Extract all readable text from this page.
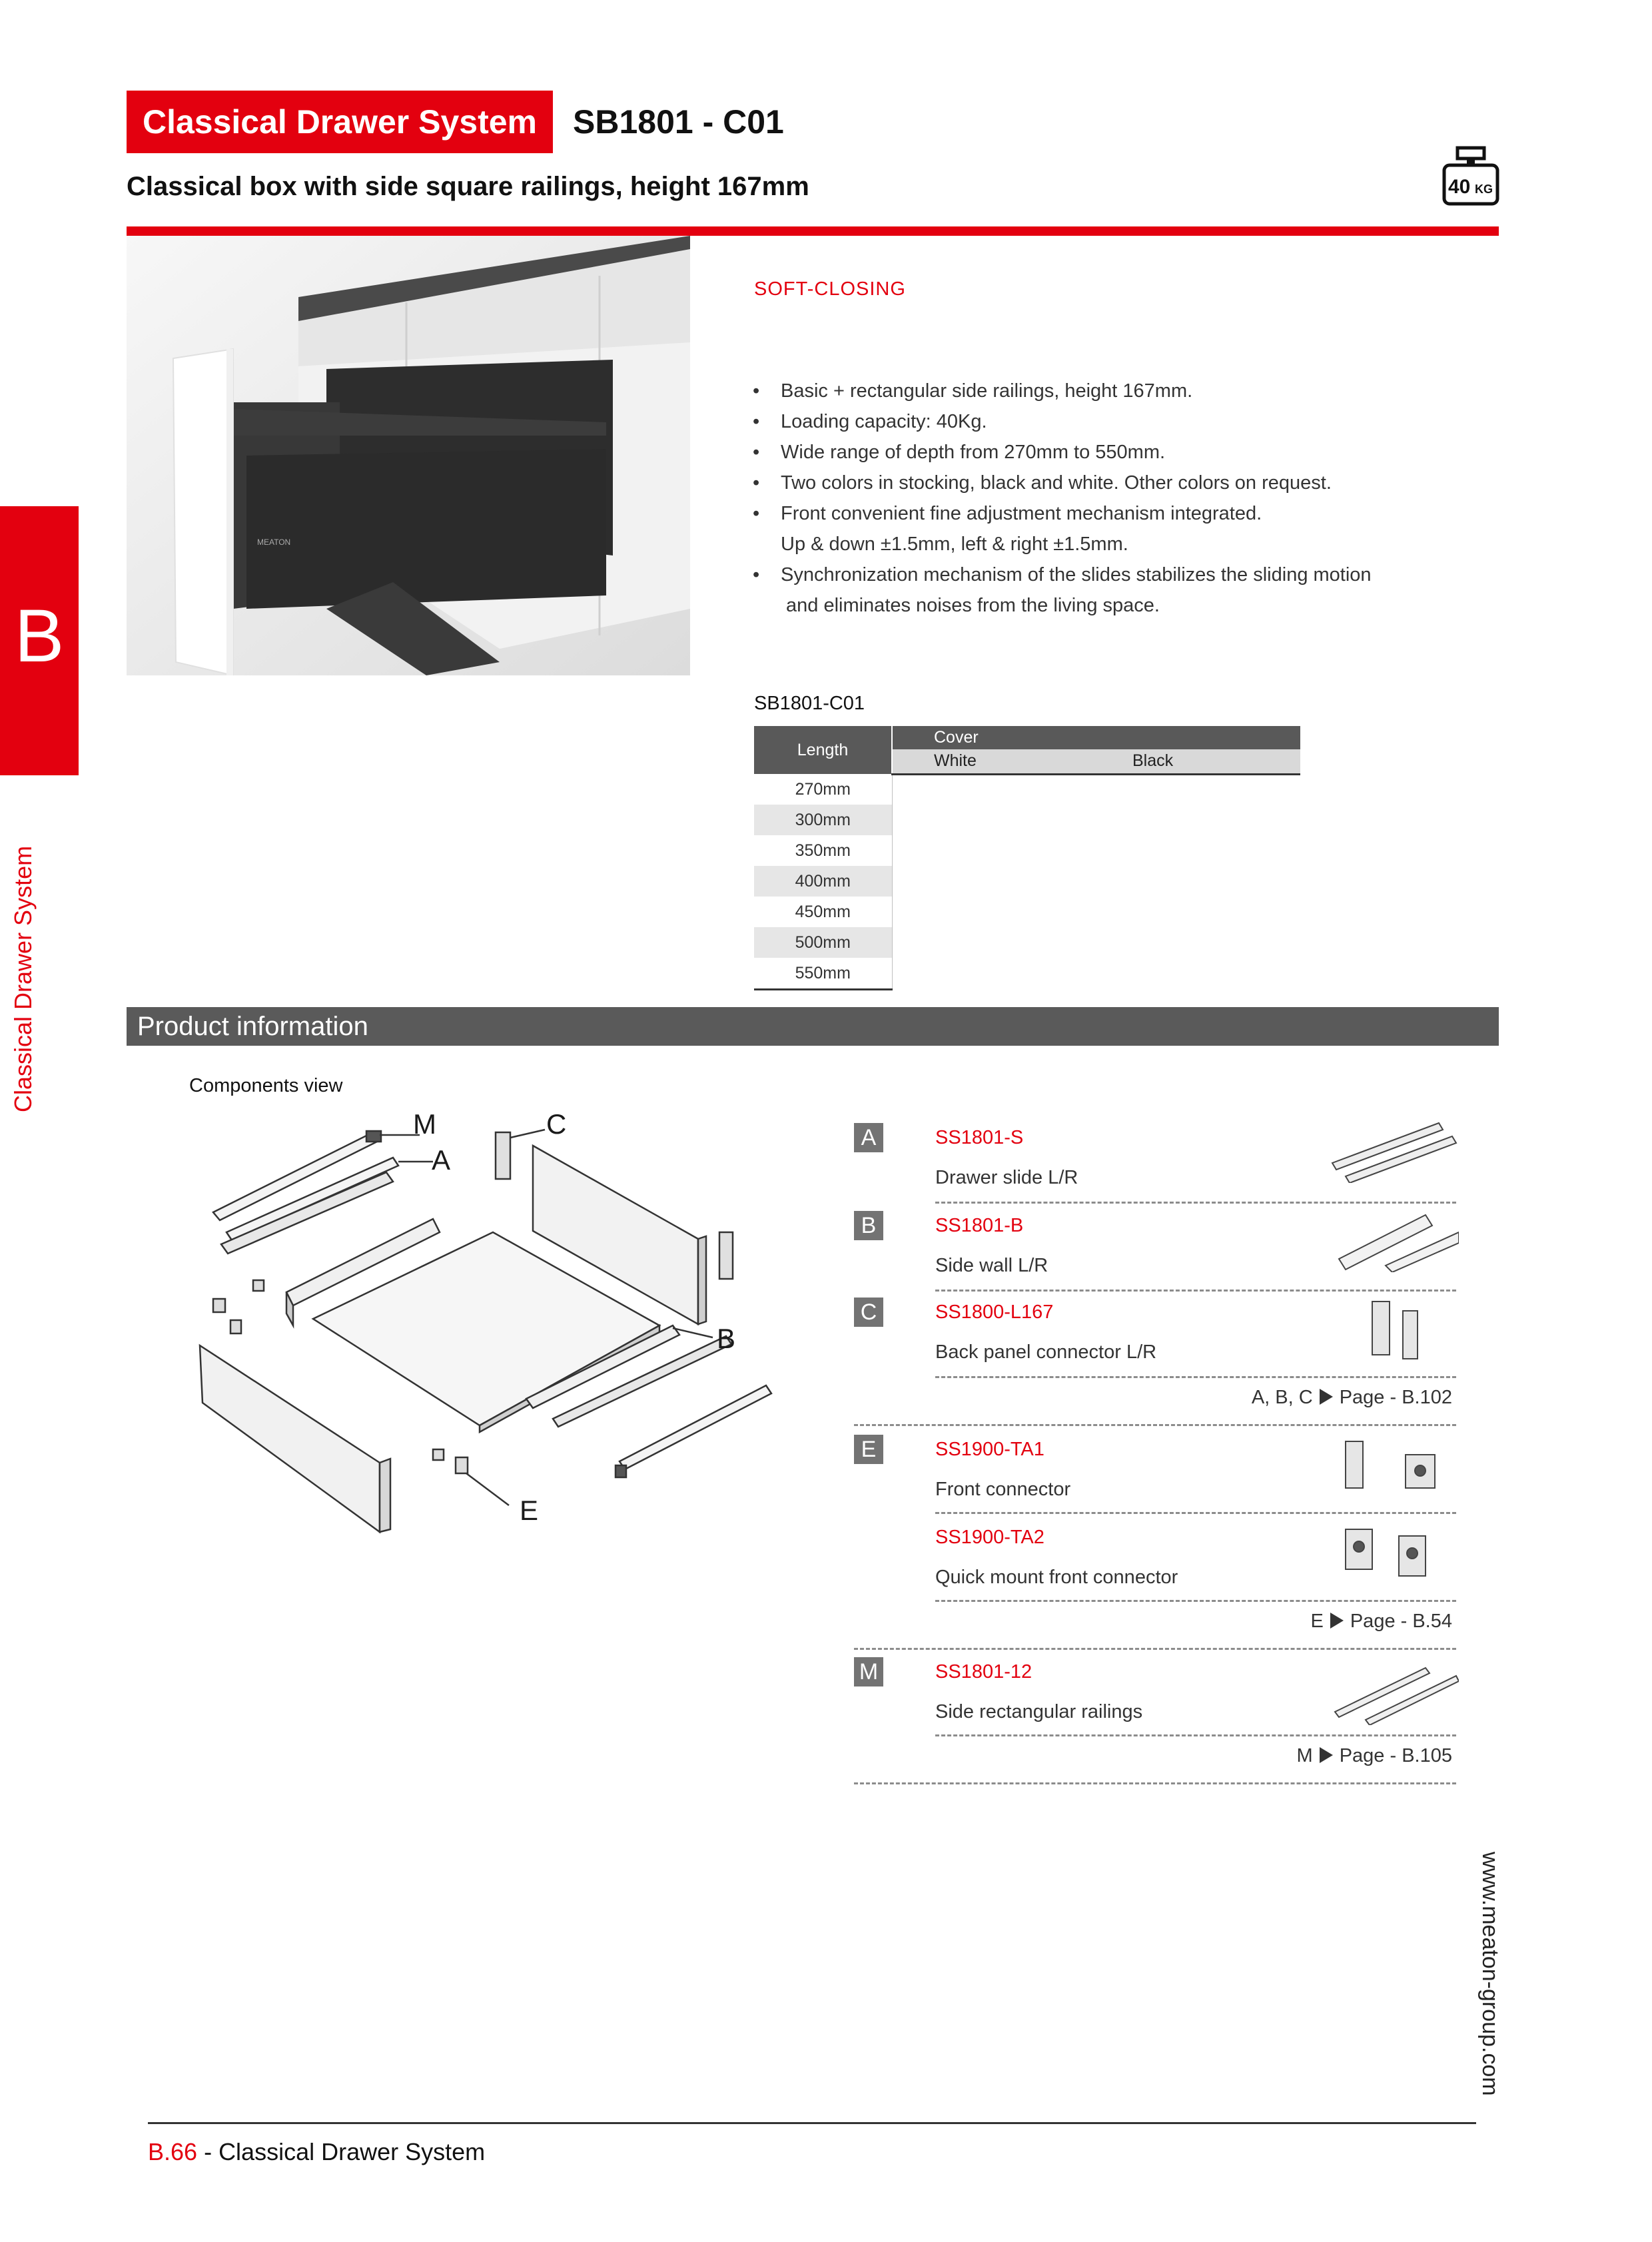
Classical Drawer System	SB1801 - C01
Classical box with side square railings, height 167mm	40 KG
B
Classical Drawer System
MEATON
SOFT-CLOSING
• Basic + rectangular side railings, height 167mm.
• Loading capacity: 40Kg.
• Wide range of depth from 270mm to 550mm.
• Two colors in stocking, black and white. Other colors on request.
• Front convenient fine adjustment mechanism integrated.
Up & down ±1.5mm, left & right ±1.5mm.
• Synchronization mechanism of the slides stabilizes the sliding motion
and eliminates noises from the living space.
SB1801-C01
Length	Cover	
	White	Black
270mm	

300mm	

350mm	

400mm	

450mm	

500mm	

550mm	
Product information
Components view
M
A
C
B
E
A	SS1801-S
Drawer slide L/R
B	SS1801-B
Side wall L/R
C	SS1800-L167
Back panel connector L/R
A, B, C Page - B.102
E	SS1900-TA1
Front connector
SS1900-TA2
Quick mount front connector
E Page - B.54
M	SS1801-12
Side rectangular railings
M Page - B.105
www.meaton-group.com
B.66 - Classical Drawer System
